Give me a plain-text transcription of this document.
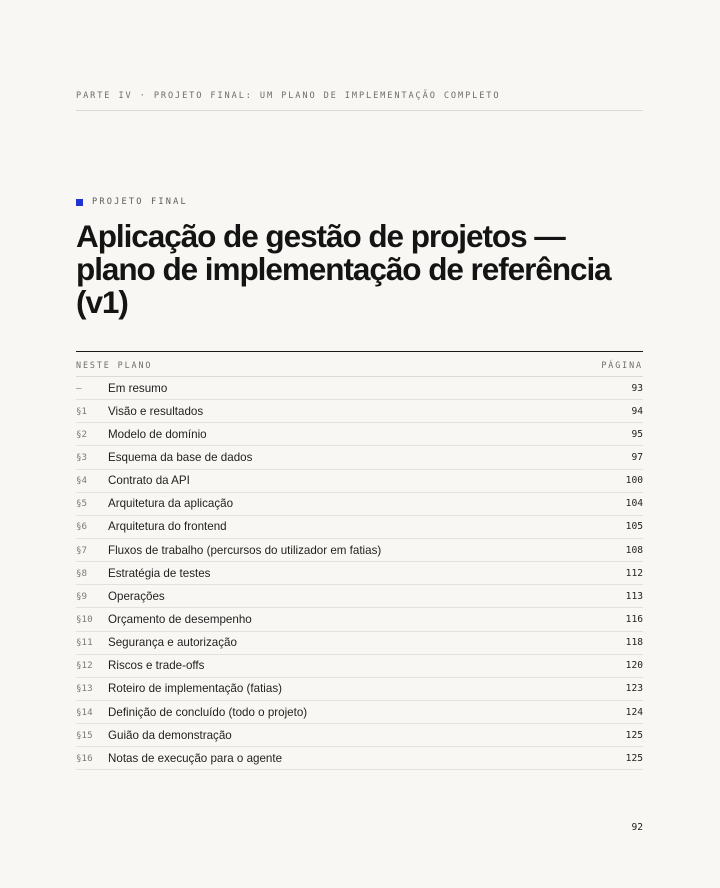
PARTE IV · PROJETO FINAL: UM PLANO DE IMPLEMENTAÇÃO COMPLETO
PROJETO FINAL
Aplicação de gestão de projetos — plano de implementação de referência (v1)
NESTE PLANO	PÁGINA
—	Em resumo	93
§1	Visão e resultados	94
§2	Modelo de domínio	95
§3	Esquema da base de dados	97
§4	Contrato da API	100
§5	Arquitetura da aplicação	104
§6	Arquitetura do frontend	105
§7	Fluxos de trabalho (percursos do utilizador em fatias)	108
§8	Estratégia de testes	112
§9	Operações	113
§10	Orçamento de desempenho	116
§11	Segurança e autorização	118
§12	Riscos e trade-offs	120
§13	Roteiro de implementação (fatias)	123
§14	Definição de concluído (todo o projeto)	124
§15	Guião da demonstração	125
§16	Notas de execução para o agente	125
92
